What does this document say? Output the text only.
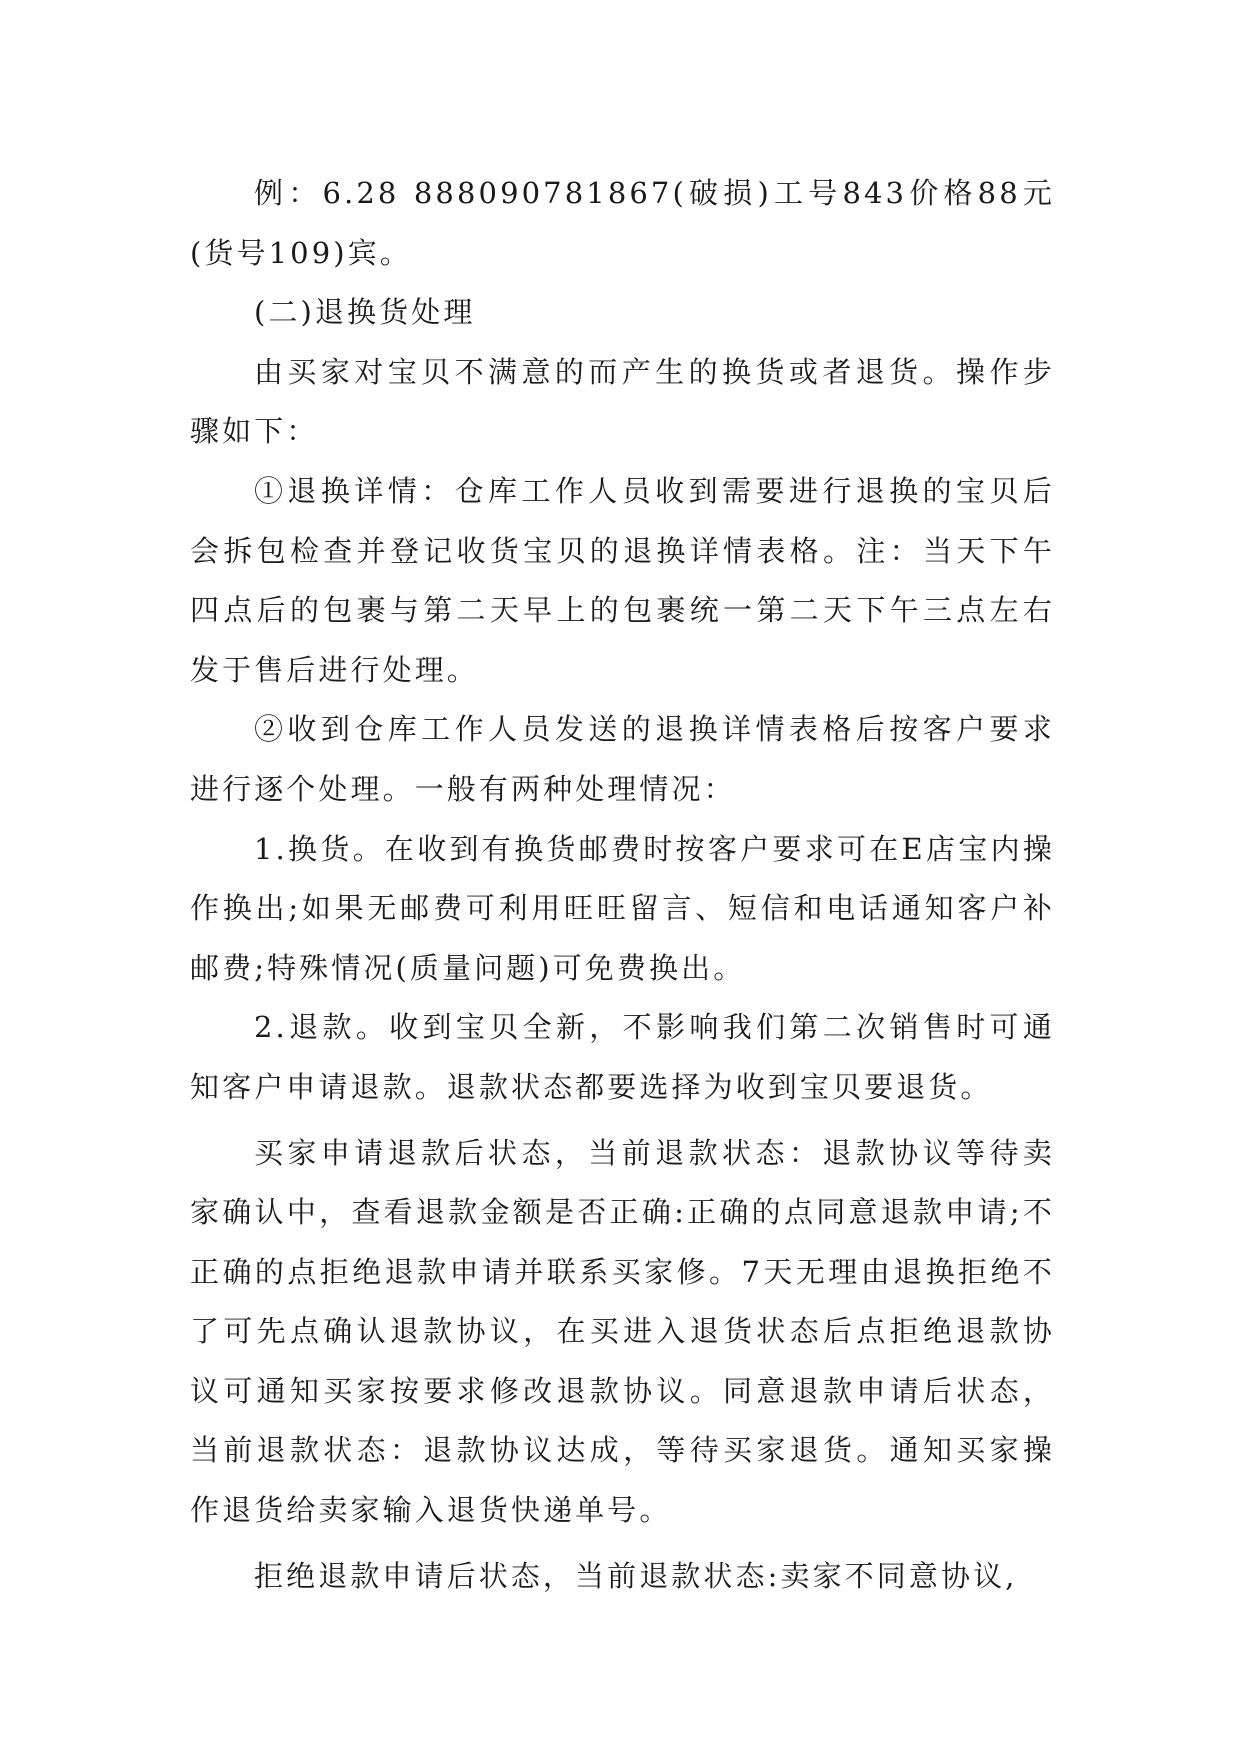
例：6.28 888090781867(破损)工号843价格88元(货号109)宾。

(二)退换货处理

由买家对宝贝不满意的而产生的换货或者退货。操作步骤如下：

①退换详情：仓库工作人员收到需要进行退换的宝贝后会拆包检查并登记收货宝贝的退换详情表格。注：当天下午四点后的包裹与第二天早上的包裹统一第二天下午三点左右发于售后进行处理。

②收到仓库工作人员发送的退换详情表格后按客户要求进行逐个处理。一般有两种处理情况：

1.换货。在收到有换货邮费时按客户要求可在E店宝内操作换出;如果无邮费可利用旺旺留言、短信和电话通知客户补邮费;特殊情况(质量问题)可免费换出。

2.退款。收到宝贝全新，不影响我们第二次销售时可通知客户申请退款。退款状态都要选择为收到宝贝要退货。

买家申请退款后状态，当前退款状态：退款协议等待卖家确认中，查看退款金额是否正确:正确的点同意退款申请;不正确的点拒绝退款申请并联系买家修。7天无理由退换拒绝不了可先点确认退款协议，在买进入退货状态后点拒绝退款协议可通知买家按要求修改退款协议。同意退款申请后状态，当前退款状态：退款协议达成，等待买家退货。通知买家操作退货给卖家输入退货快递单号。

拒绝退款申请后状态，当前退款状态:卖家不同意协议,
